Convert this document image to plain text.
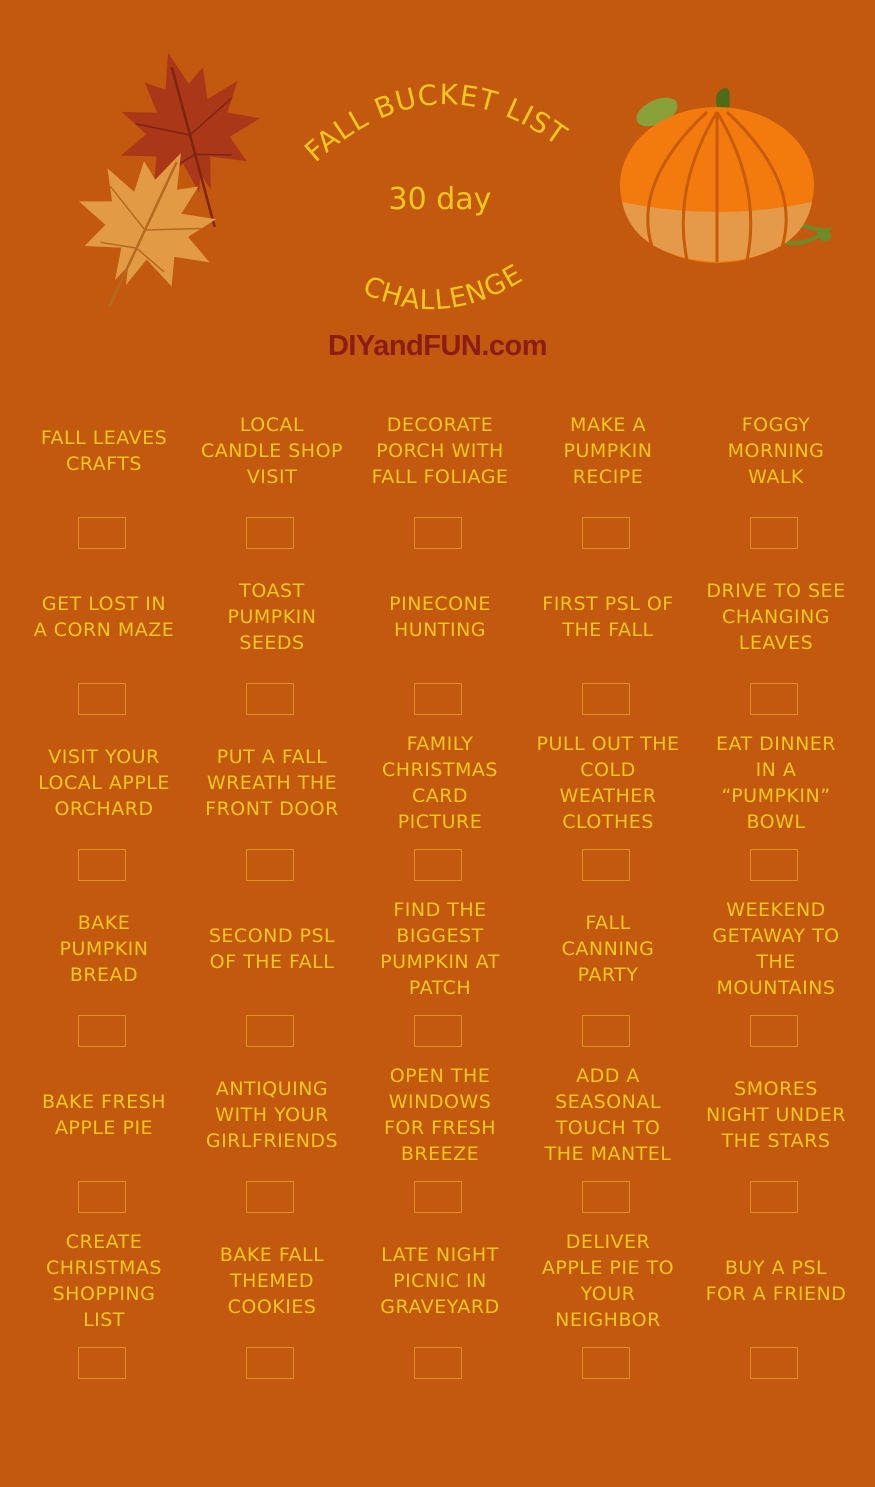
FALL BUCKET LIST
30 day
CHALLENGE
DIYandFUN.com
FALL LEAVES CRAFTS
LOCAL CANDLE SHOP VISIT
DECORATE PORCH WITH FALL FOLIAGE
MAKE A PUMPKIN RECIPE
FOGGY MORNING WALK
GET LOST IN A CORN MAZE
TOAST PUMPKIN SEEDS
PINECONE HUNTING
FIRST PSL OF THE FALL
DRIVE TO SEE CHANGING LEAVES
VISIT YOUR LOCAL APPLE ORCHARD
PUT A FALL WREATH THE FRONT DOOR
FAMILY CHRISTMAS CARD PICTURE
PULL OUT THE COLD WEATHER CLOTHES
EAT DINNER IN A “PUMPKIN” BOWL
BAKE PUMPKIN BREAD
SECOND PSL OF THE FALL
FIND THE BIGGEST PUMPKIN AT PATCH
FALL CANNING PARTY
WEEKEND GETAWAY TO THE MOUNTAINS
BAKE FRESH APPLE PIE
ANTIQUING WITH YOUR GIRLFRIENDS
OPEN THE WINDOWS FOR FRESH BREEZE
ADD A SEASONAL TOUCH TO THE MANTEL
SMORES NIGHT UNDER THE STARS
CREATE CHRISTMAS SHOPPING LIST
BAKE FALL THEMED COOKIES
LATE NIGHT PICNIC IN GRAVEYARD
DELIVER APPLE PIE TO YOUR NEIGHBOR
BUY A PSL FOR A FRIEND
